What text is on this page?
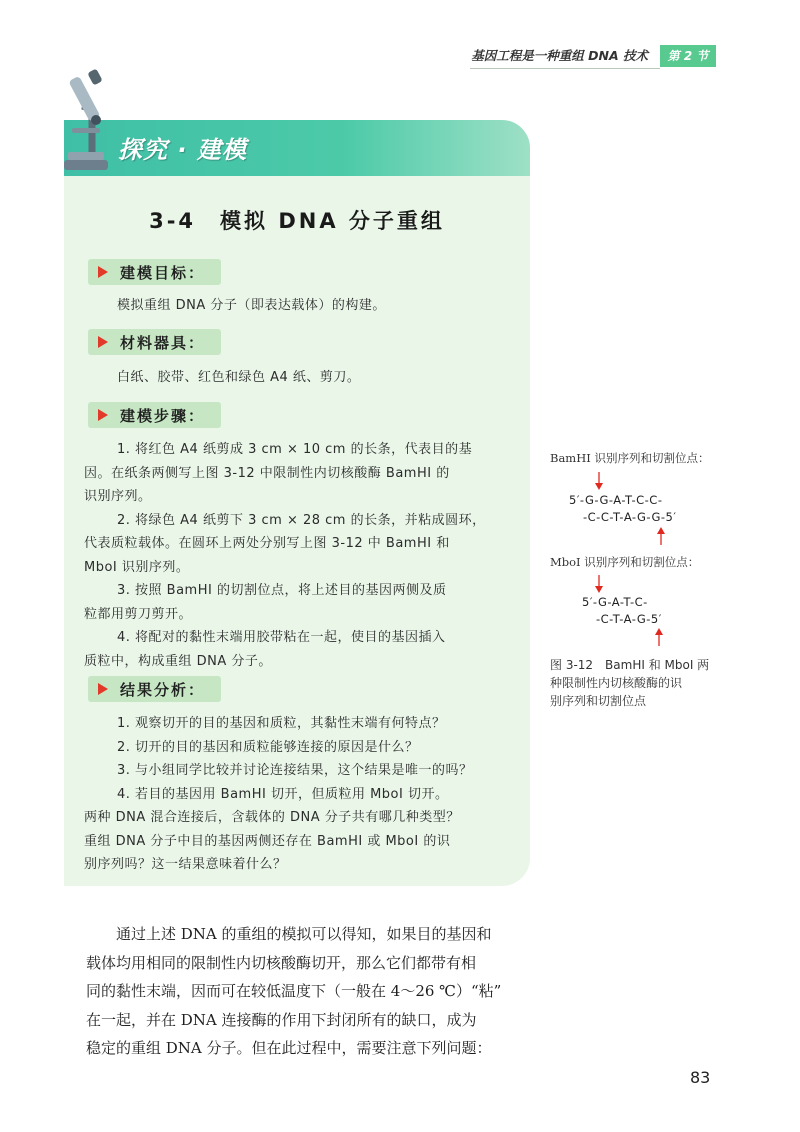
基因工程是一种重组 DNA 技术	第 2 节
探究 · 建模
3-4　模拟 DNA 分子重组
建模目标：
模拟重组 DNA 分子（即表达载体）的构建。
材料器具：
白纸、胶带、红色和绿色 A4 纸、剪刀。
建模步骤：
1. 将红色 A4 纸剪成 3 cm × 10 cm 的长条，代表目的基
因。在纸条两侧写上图 3-12 中限制性内切核酸酶 BamHⅠ 的
识别序列。
2. 将绿色 A4 纸剪下 3 cm × 28 cm 的长条，并粘成圆环，
代表质粒载体。在圆环上两处分别写上图 3-12 中 BamHⅠ 和
MboⅠ 识别序列。
3. 按照 BamHⅠ 的切割位点，将上述目的基因两侧及质
粒都用剪刀剪开。
4. 将配对的黏性末端用胶带粘在一起，使目的基因插入
质粒中，构成重组 DNA 分子。
结果分析：
1. 观察切开的目的基因和质粒，其黏性末端有何特点？
2. 切开的目的基因和质粒能够连接的原因是什么？
3. 与小组同学比较并讨论连接结果，这个结果是唯一的吗？
4. 若目的基因用 BamHⅠ 切开，但质粒用 MboⅠ 切开。
两种 DNA 混合连接后，含载体的 DNA 分子共有哪几种类型？
重组 DNA 分子中目的基因两侧还存在 BamHⅠ 或 MboⅠ 的识
别序列吗？这一结果意味着什么？
BamHⅠ 识别序列和切割位点：
5′-G-G-A-T-C-C-
-C-C-T-A-G-G-5′
MboⅠ 识别序列和切割位点：
5′-G-A-T-C-
-C-T-A-G-5′
图 3-12　BamHⅠ 和 MboⅠ 两
种限制性内切核酸酶的识
别序列和切割位点
通过上述 DNA 的重组的模拟可以得知，如果目的基因和
载体均用相同的限制性内切核酸酶切开，那么它们都带有相
同的黏性末端，因而可在较低温度下（一般在 4～26 ℃）“粘”
在一起，并在 DNA 连接酶的作用下封闭所有的缺口，成为
稳定的重组 DNA 分子。但在此过程中，需要注意下列问题：
83
